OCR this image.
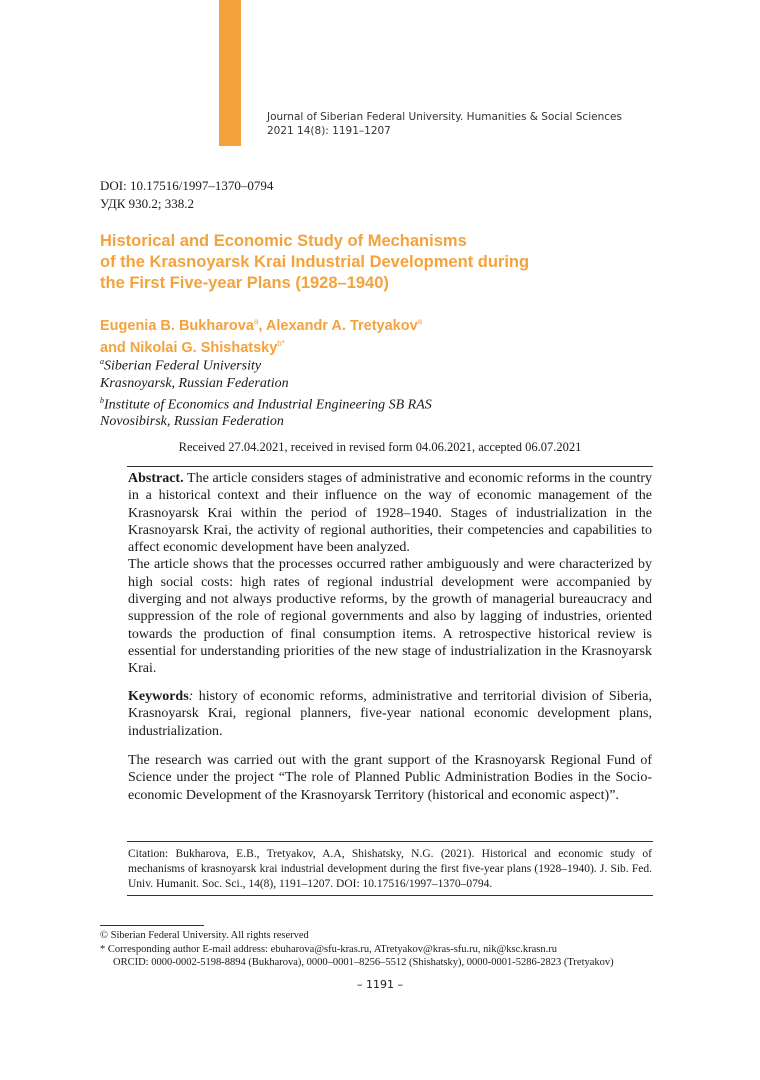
Journal of Siberian Federal University. Humanities & Social Sciences
2021 14(8): 1191–1207
DOI: 10.17516/1997–1370–0794
УДК 930.2; 338.2
Historical and Economic Study of Mechanisms
of the Krasnoyarsk Krai Industrial Development during
the First Five-year Plans (1928–1940)
Eugenia B. Bukharova$^a$, Alexandr A. Tretyakov$^a$
and Nikolai G. Shishatsky$^{b*}$
$^a$Siberian Federal University
Krasnoyarsk, Russian Federation
$^b$Institute of Economics and Industrial Engineering SB RAS
Novosibirsk, Russian Federation
Received 27.04.2021, received in revised form 04.06.2021, accepted 06.07.2021
Abstract. The article considers stages of administrative and economic reforms in the country in a historical context and their influence on the way of economic management of the Krasnoyarsk Krai within the period of 1928–1940. Stages of industrialization in the Krasnoyarsk Krai, the activity of regional authorities, their competencies and capabilities to affect economic development have been analyzed.
The article shows that the processes occurred rather ambiguously and were characterized by high social costs: high rates of regional industrial development were accompanied by diverging and not always productive reforms, by the growth of managerial bureaucracy and suppression of the role of regional governments and also by lagging of industries, oriented towards the production of final consumption items. A retrospective historical review is essential for understanding priorities of the new stage of industrialization in the Krasnoyarsk Krai.
Keywords: history of economic reforms, administrative and territorial division of Siberia, Krasnoyarsk Krai, regional planners, five-year national economic development plans, industrialization.
The research was carried out with the grant support of the Krasnoyarsk Regional Fund of Science under the project “The role of Planned Public Administration Bodies in the Socio-economic Development of the Krasnoyarsk Territory (historical and economic aspect)”.
Citation: Bukharova, E.B., Tretyakov, A.A, Shishatsky, N.G. (2021). Historical and economic study of mechanisms of krasnoyarsk krai industrial development during the first five-year plans (1928–1940). J. Sib. Fed. Univ. Humanit. Soc. Sci., 14(8), 1191–1207. DOI: 10.17516/1997–1370–0794.
© Siberian Federal University. All rights reserved
* Corresponding author E-mail address: ebuharova@sfu-kras.ru, ATretyakov@kras-sfu.ru, nik@ksc.krasn.ru
ORCID: 0000-0002-5198-8894 (Bukharova), 0000–0001–8256–5512 (Shishatsky), 0000-0001-5286-2823 (Tretyakov)
– 1191 –
